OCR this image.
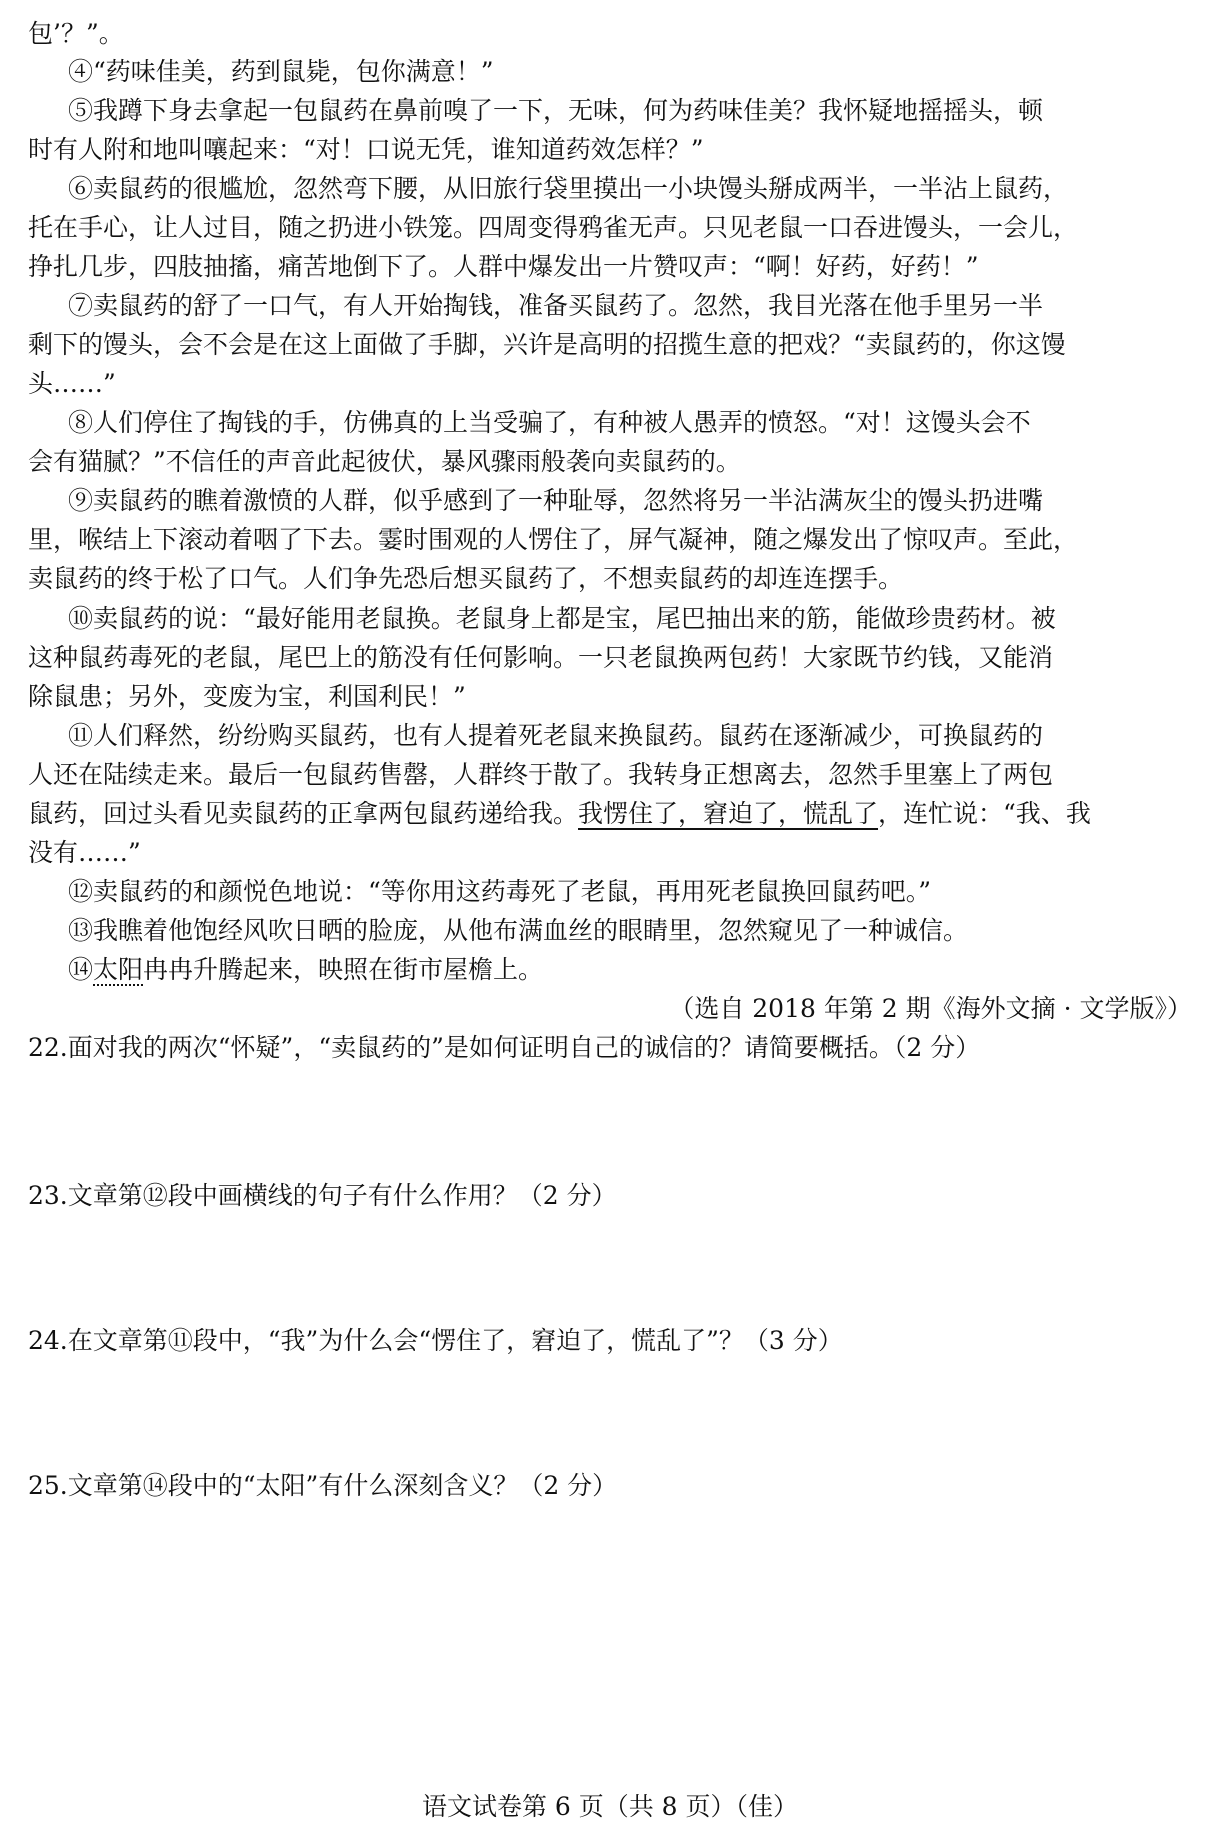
包’？”。
④“药味佳美，药到鼠毙，包你满意！”
⑤我蹲下身去拿起一包鼠药在鼻前嗅了一下，无味，何为药味佳美？我怀疑地摇摇头，顿
时有人附和地叫嚷起来：“对！口说无凭，谁知道药效怎样？”
⑥卖鼠药的很尴尬，忽然弯下腰，从旧旅行袋里摸出一小块馒头掰成两半，一半沾上鼠药，
托在手心，让人过目，随之扔进小铁笼。四周变得鸦雀无声。只见老鼠一口吞进馒头，一会儿，
挣扎几步，四肢抽搐，痛苦地倒下了。人群中爆发出一片赞叹声：“啊！好药，好药！”
⑦卖鼠药的舒了一口气，有人开始掏钱，准备买鼠药了。忽然，我目光落在他手里另一半
剩下的馒头，会不会是在这上面做了手脚，兴许是高明的招揽生意的把戏？“卖鼠药的，你这馒
头……”
⑧人们停住了掏钱的手，仿佛真的上当受骗了，有种被人愚弄的愤怒。“对！这馒头会不
会有猫腻？”不信任的声音此起彼伏，暴风骤雨般袭向卖鼠药的。
⑨卖鼠药的瞧着激愤的人群，似乎感到了一种耻辱，忽然将另一半沾满灰尘的馒头扔进嘴
里，喉结上下滚动着咽了下去。霎时围观的人愣住了，屏气凝神，随之爆发出了惊叹声。至此，
卖鼠药的终于松了口气。人们争先恐后想买鼠药了，不想卖鼠药的却连连摆手。
⑩卖鼠药的说：“最好能用老鼠换。老鼠身上都是宝，尾巴抽出来的筋，能做珍贵药材。被
这种鼠药毒死的老鼠，尾巴上的筋没有任何影响。一只老鼠换两包药！大家既节约钱，又能消
除鼠患；另外，变废为宝，利国利民！”
⑪人们释然，纷纷购买鼠药，也有人提着死老鼠来换鼠药。鼠药在逐渐减少，可换鼠药的
人还在陆续走来。最后一包鼠药售罄，人群终于散了。我转身正想离去，忽然手里塞上了两包
鼠药，回过头看见卖鼠药的正拿两包鼠药递给我。我愣住了，窘迫了，慌乱了，连忙说：“我、我
没有……”
⑫卖鼠药的和颜悦色地说：“等你用这药毒死了老鼠，再用死老鼠换回鼠药吧。”
⑬我瞧着他饱经风吹日晒的脸庞，从他布满血丝的眼睛里，忽然窥见了一种诚信。
⑭太阳冉冉升腾起来，映照在街市屋檐上。
（选自 2018 年第 2 期《海外文摘 · 文学版》）
22.面对我的两次“怀疑”，“卖鼠药的”是如何证明自己的诚信的？请简要概括。（2 分）
23.文章第⑫段中画横线的句子有什么作用？（2 分）
24.在文章第⑪段中，“我”为什么会“愣住了，窘迫了，慌乱了”？（3 分）
25.文章第⑭段中的“太阳”有什么深刻含义？（2 分）
语文试卷第 6 页（共 8 页）（佳）
